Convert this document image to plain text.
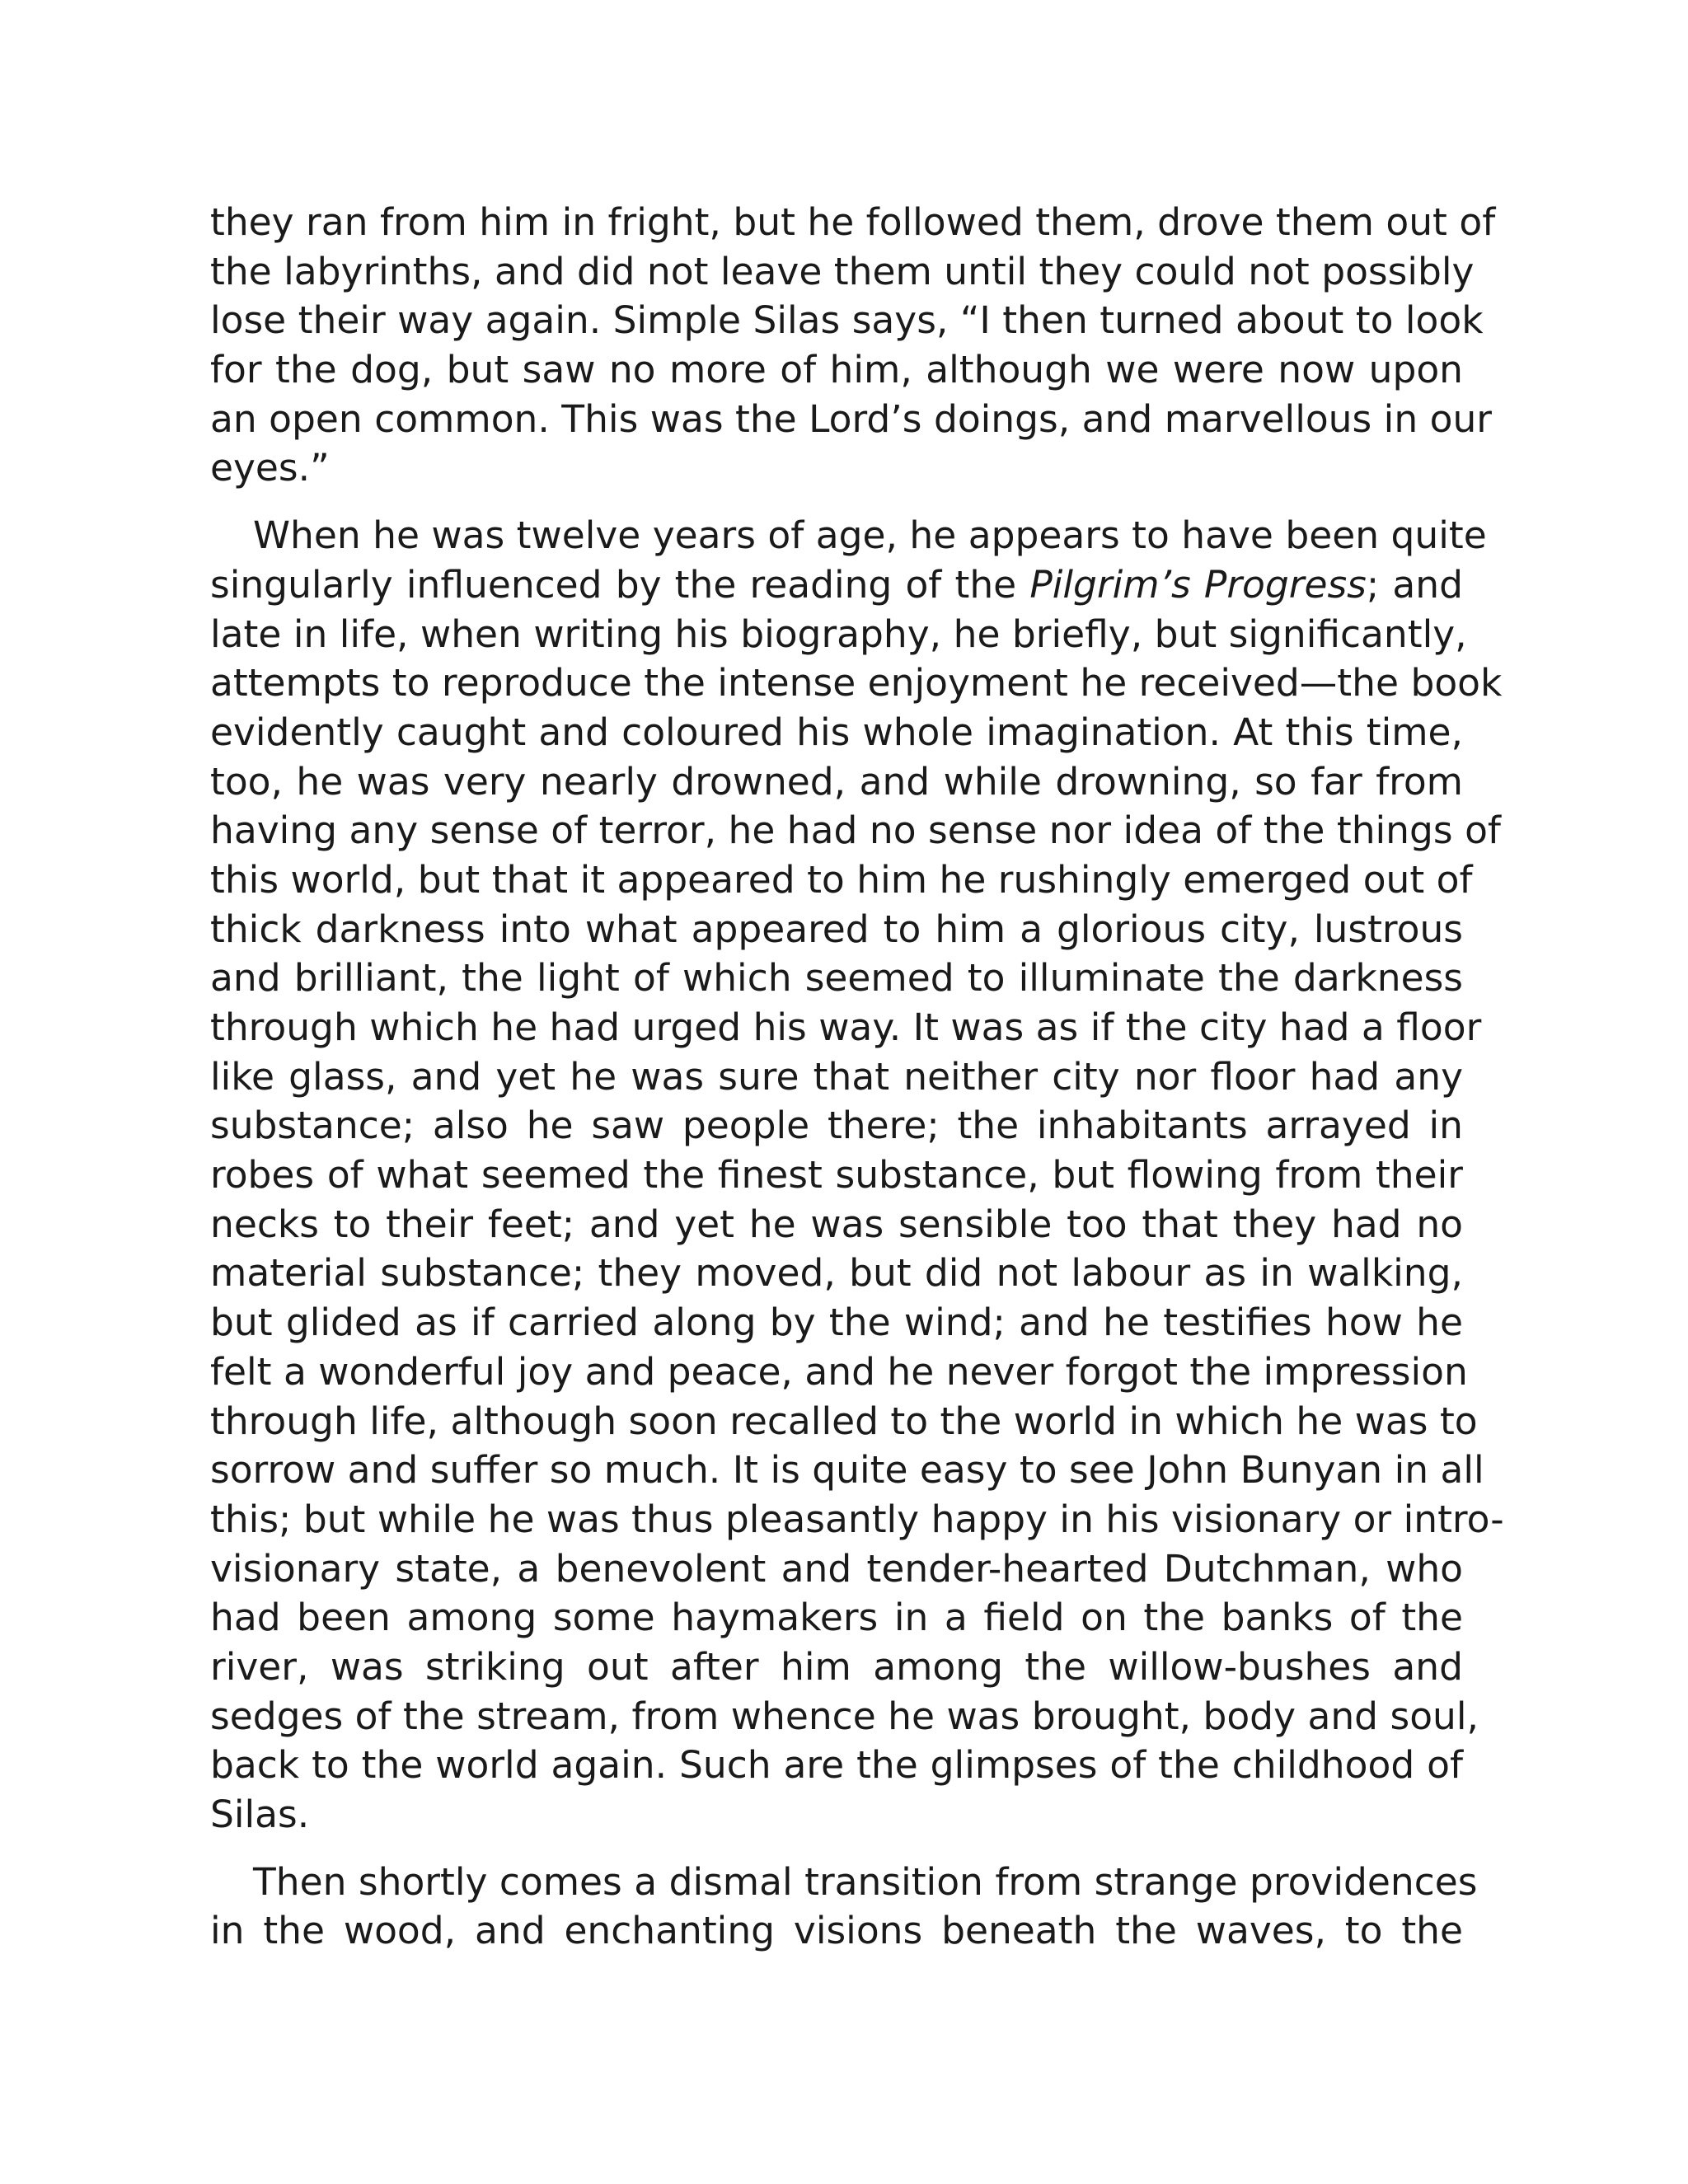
they ran from him in fright, but he followed them, drove them out of
the labyrinths, and did not leave them until they could not possibly
lose their way again. Simple Silas says, “I then turned about to look
for the dog, but saw no more of him, although we were now upon
an open common. This was the Lord’s doings, and marvellous in our
eyes.”
When he was twelve years of age, he appears to have been quite
singularly influenced by the reading of the Pilgrim’s Progress; and
late in life, when writing his biography, he briefly, but significantly,
attempts to reproduce the intense enjoyment he received—the book
evidently caught and coloured his whole imagination. At this time,
too, he was very nearly drowned, and while drowning, so far from
having any sense of terror, he had no sense nor idea of the things of
this world, but that it appeared to him he rushingly emerged out of
thick darkness into what appeared to him a glorious city, lustrous
and brilliant, the light of which seemed to illuminate the darkness
through which he had urged his way. It was as if the city had a floor
like glass, and yet he was sure that neither city nor floor had any
substance; also he saw people there; the inhabitants arrayed in
robes of what seemed the finest substance, but flowing from their
necks to their feet; and yet he was sensible too that they had no
material substance; they moved, but did not labour as in walking,
but glided as if carried along by the wind; and he testifies how he
felt a wonderful joy and peace, and he never forgot the impression
through life, although soon recalled to the world in which he was to
sorrow and suffer so much. It is quite easy to see John Bunyan in all
this; but while he was thus pleasantly happy in his visionary or intro-
visionary state, a benevolent and tender-hearted Dutchman, who
had been among some haymakers in a field on the banks of the
river, was striking out after him among the willow-bushes and
sedges of the stream, from whence he was brought, body and soul,
back to the world again. Such are the glimpses of the childhood of
Silas.
Then shortly comes a dismal transition from strange providences
in the wood, and enchanting visions beneath the waves, to the
